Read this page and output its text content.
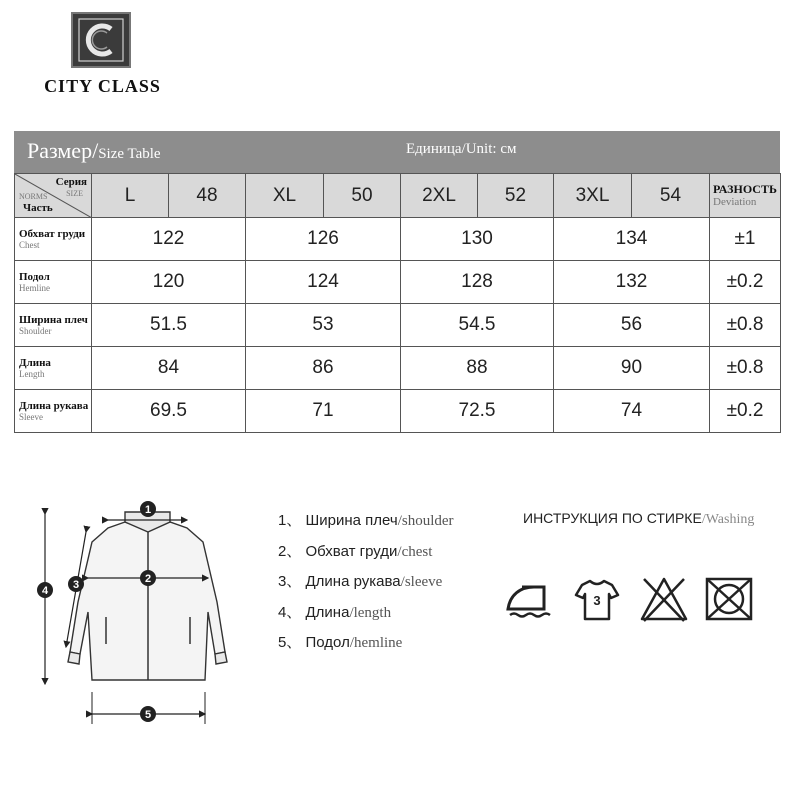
CITY CLASS
Размер/Size Table	Единица/Unit: см
Серия
SIZE
NORMS
Часть	L	48	XL	50	2XL	52	3XL	54	РАЗНОСТЬ
Deviation

Обхват груди
Chest	122		126		130		134		±1

Подол
Hemline	120		124		128		132		±0.2

Ширина плеч
Shoulder	51.5		53		54.5		56		±0.8

Длина
Length	84		86		88		90		±0.8

Длина рукава
Sleeve	69.5		71		72.5		74		±0.2
1
2
3
4
5
1、 Ширина плеч/shoulder
2、 Обхват груди/chest
3、 Длина рукава/sleeve
4、 Длина/length
5、 Подол/hemline
ИНСТРУКЦИЯ ПО СТИРКЕ/Washing
3
